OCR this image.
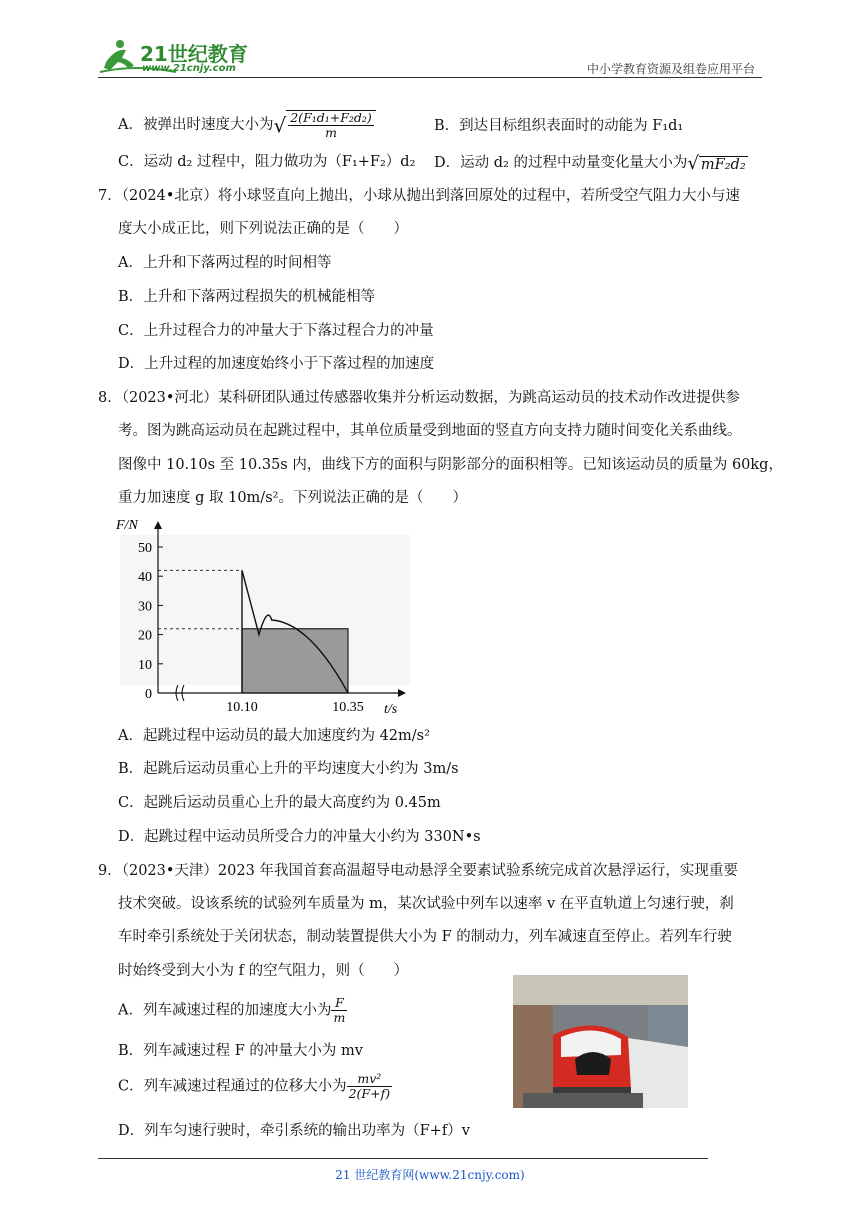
21世纪教育
www.21cnjy.com	中小学教育资源及组卷应用平台
A．被弹出时速度大小为√ $\frac{\text{2(F₁d₁+F₂d₂)}}{m}$	B．到达目标组织表面时的动能为 F₁d₁
C．运动 d₂ 过程中，阻力做功为（F₁+F₂）d₂ D．运动 d₂ 的过程中动量变化量大小为√ mF₂d₂
7．（2024•北京）将小球竖直向上抛出，小球从抛出到落回原处的过程中，若所受空气阻力大小与速
度大小成正比，则下列说法正确的是（　　）
A．上升和下落两过程的时间相等
B．上升和下落两过程损失的机械能相等
C．上升过程合力的冲量大于下落过程合力的冲量
D．上升过程的加速度始终小于下落过程的加速度
8．（2023•河北）某科研团队通过传感器收集并分析运动数据，为跳高运动员的技术动作改进提供参
考。图为跳高运动员在起跳过程中，其单位质量受到地面的竖直方向支持力随时间变化关系曲线。
图像中 10.10s 至 10.35s 内，曲线下方的面积与阴影部分的面积相等。已知该运动员的质量为 60kg，
重力加速度 g 取 10m/s²。下列说法正确的是（　　）
50
40
30
20
10
0
10.10	10.35
F/N
t/s
A．起跳过程中运动员的最大加速度约为 42m/s²
B．起跳后运动员重心上升的平均速度大小约为 3m/s
C．起跳后运动员重心上升的最大高度约为 0.45m
D．起跳过程中运动员所受合力的冲量大小约为 330N•s
9．（2023•天津）2023 年我国首套高温超导电动悬浮全要素试验系统完成首次悬浮运行，实现重要
技术突破。设该系统的试验列车质量为 m，某次试验中列车以速率 v 在平直轨道上匀速行驶，刹
车时牵引系统处于关闭状态，制动装置提供大小为 F 的制动力，列车减速直至停止。若列车行驶
时始终受到大小为 f 的空气阻力，则（　　）
A．列车减速过程的加速度大小为 $\frac{F}{m}$
B．列车减速过程 F 的冲量大小为 mv
C．列车减速过程通过的位移大小为 $\frac{\text{mv²}}{2(F+f)}$
D．列车匀速行驶时，牵引系统的输出功率为（F+f）v
21 世纪教育网(www.21cnjy.com)
